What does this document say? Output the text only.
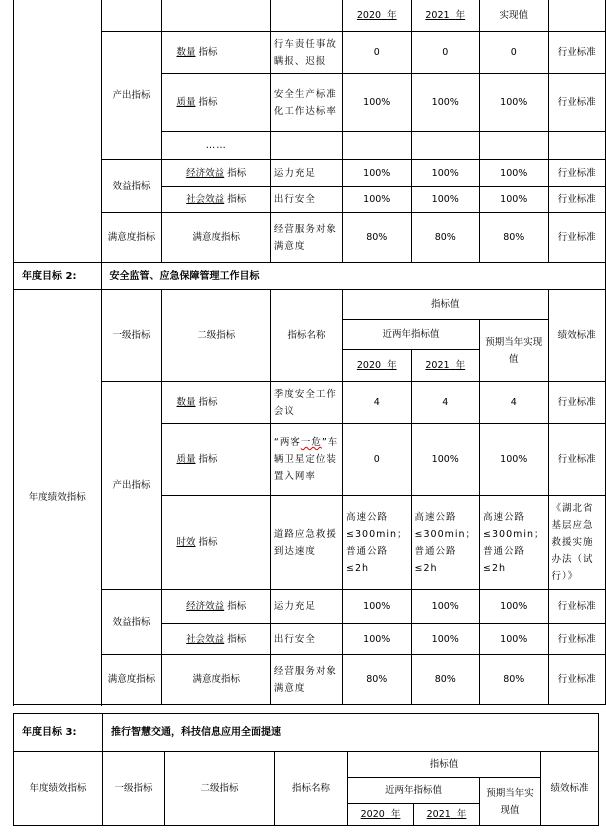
				2020 年	2021 年	实现值	
	产出指标	数量 指标	行车责任事故瞒报、迟报	0	0	0	行业标准
		质量 指标	安全生产标准化工作达标率	100%	100%	100%	行业标准
		……					
	效益指标	经济效益 指标	运力充足	100%	100%	100%	行业标准
		社会效益 指标	出行安全	100%	100%	100%	行业标准
	满意度指标	满意度指标	经营服务对象满意度	80%	80%	80%	行业标准

年度目标 2:	安全监管、应急保障管理工作目标						
年度绩效指标	一级指标	二级指标	指标名称	指标值			绩效标准
				近两年指标值		预期当年实现值	
				2020 年	2021 年		
	产出指标	数量 指标	季度安全工作会议	4	4	4	行业标准
		质量 指标	“两客一危”车辆卫星定位装置入网率	0	100%	100%	行业标准
		时效 指标	道路应急救援到达速度	高速公路≤300min；普通公路≤2h	高速公路≤300min；普通公路≤2h	高速公路≤300min；普通公路≤2h	《湖北省基层应急救援实施办法（试行）》
	效益指标	经济效益 指标	运力充足	100%	100%	100%	行业标准
		社会效益 指标	出行安全	100%	100%	100%	行业标准
	满意度指标	满意度指标	经营服务对象满意度	80%	80%	80%	行业标准

年度目标 3:	推行智慧交通，科技信息应用全面提速						
年度绩效指标	一级指标	二级指标	指标名称	指标值			绩效标准
				近两年指标值		预期当年实现值	
				2020 年	2021 年		
